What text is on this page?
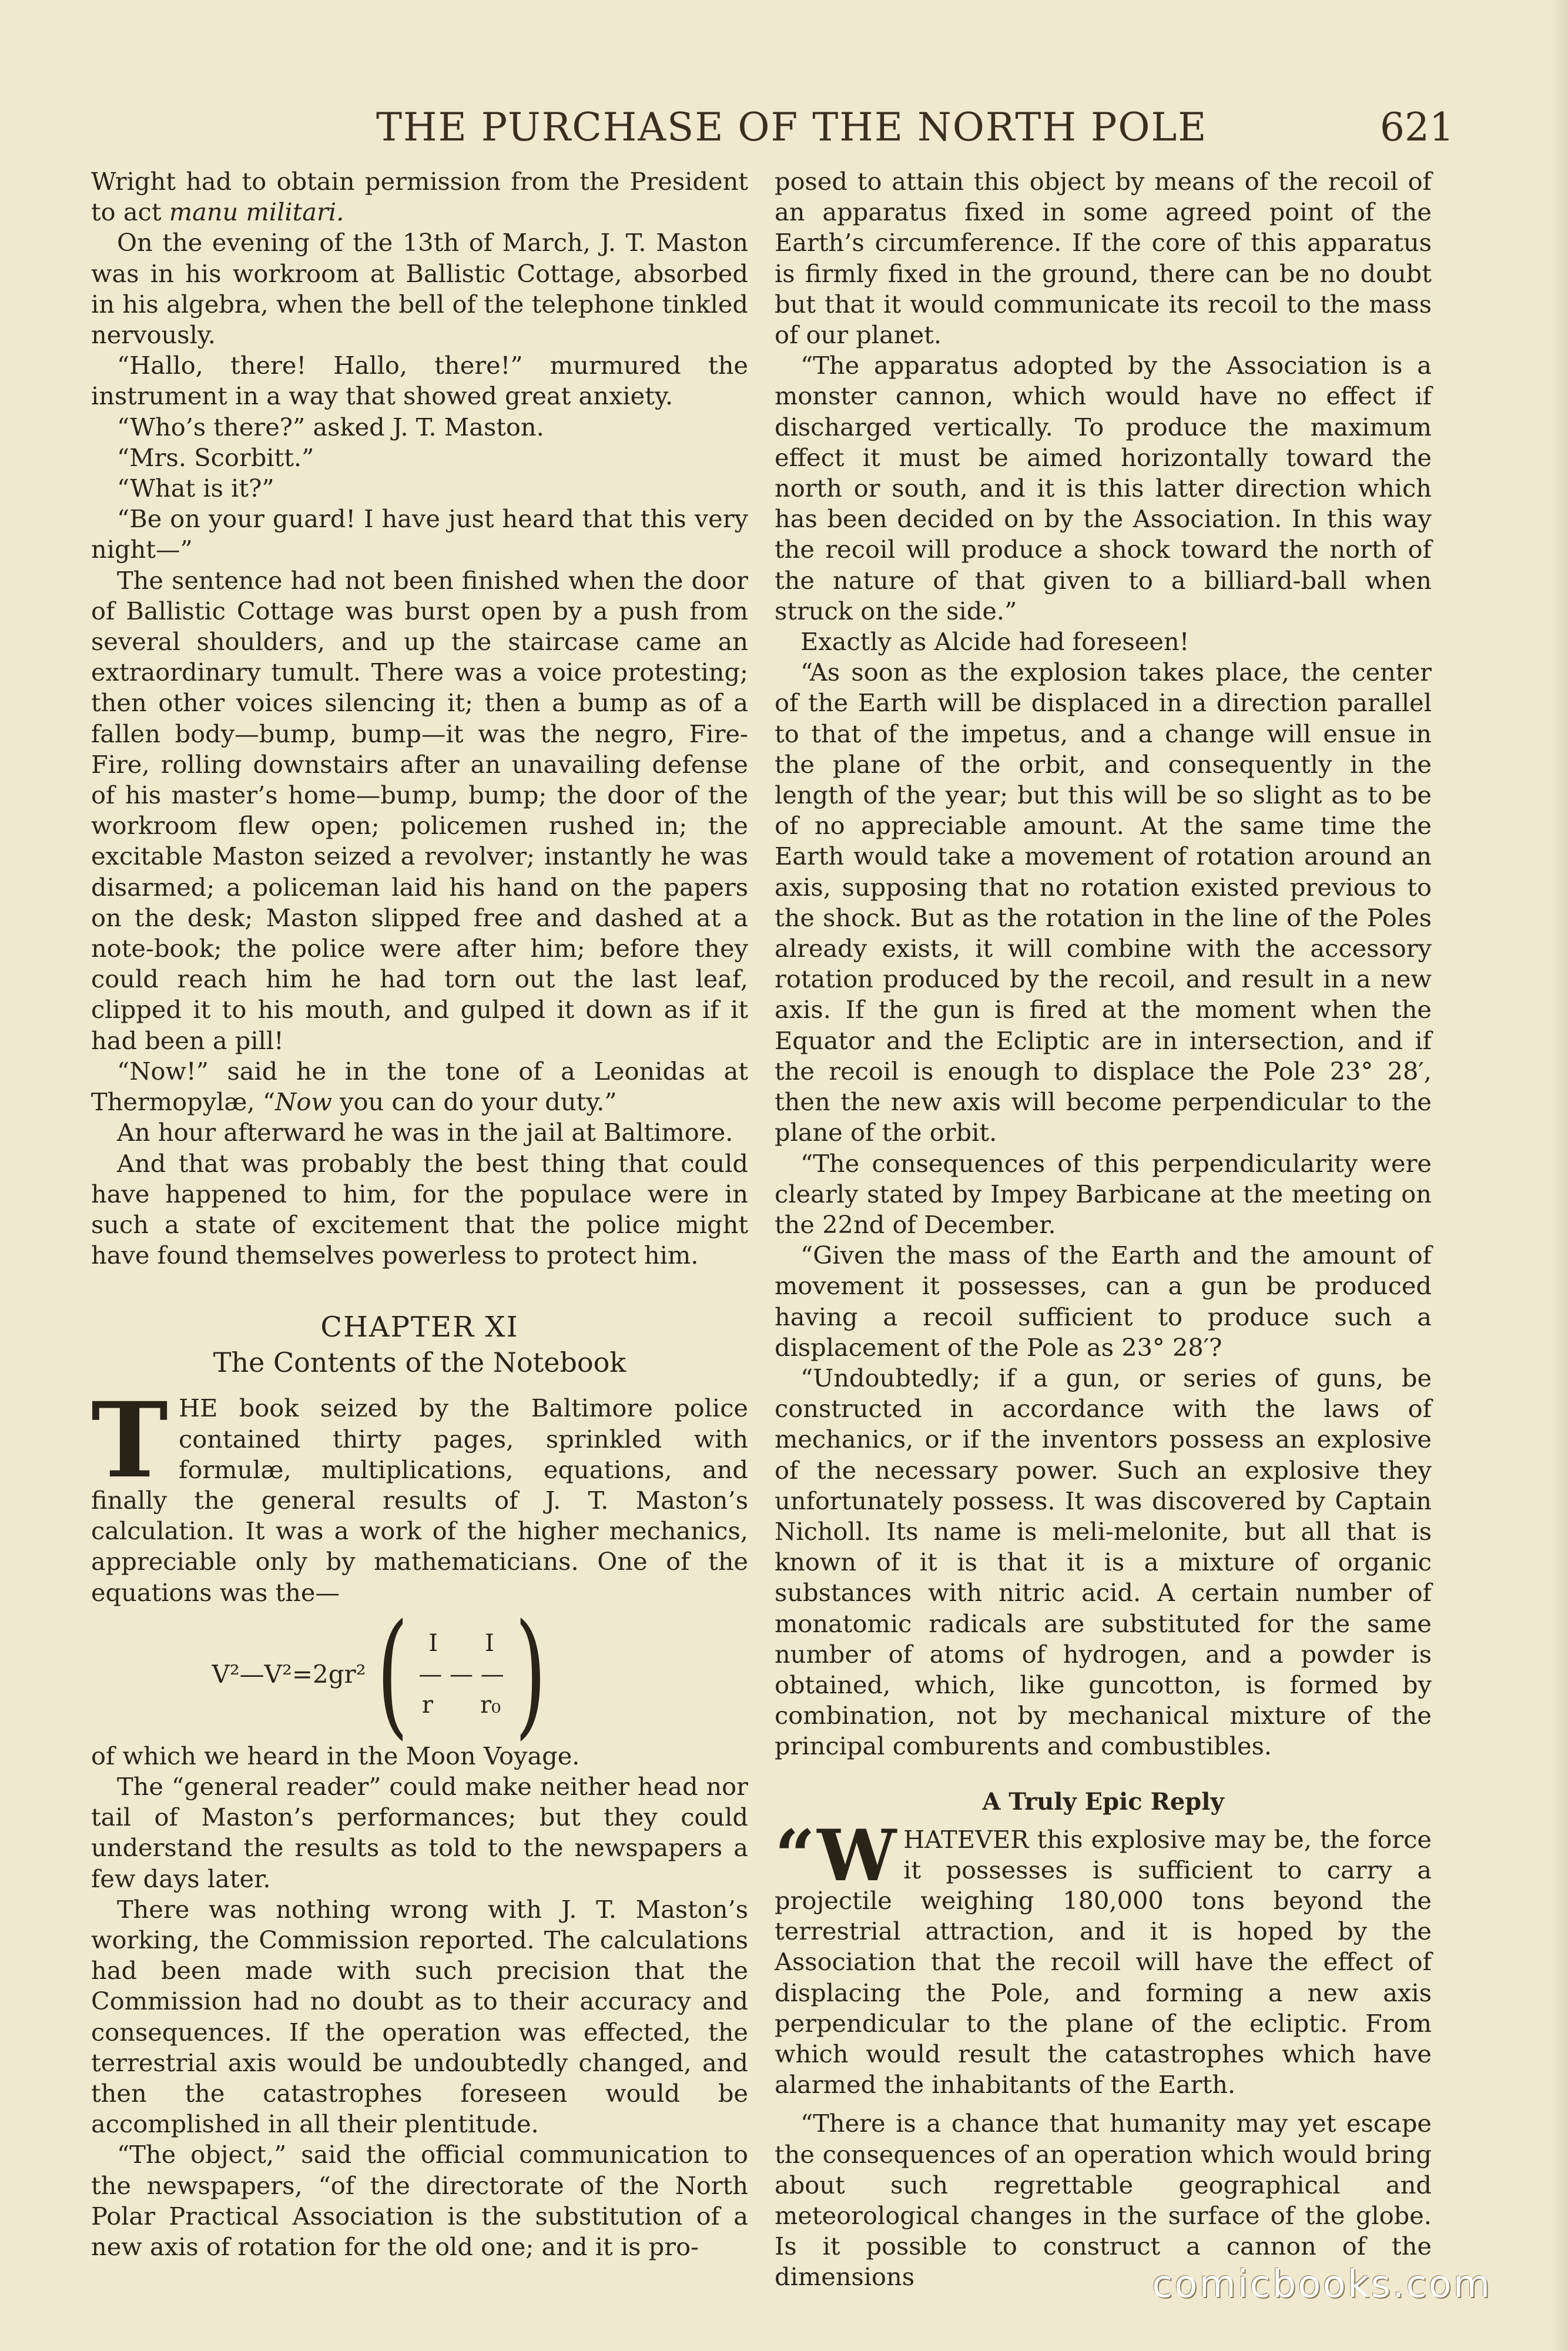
THE PURCHASE OF THE NORTH POLE	621

Wright had to obtain permission from the President to act manu militari.

On the evening of the 13th of March, J. T. Maston was in his workroom at Ballistic Cottage, absorbed in his algebra, when the bell of the telephone tinkled nervously.

“Hallo, there! Hallo, there!” murmured the instrument in a way that showed great anxiety.

“Who’s there?” asked J. T. Maston.

“Mrs. Scorbitt.”

“What is it?”

“Be on your guard! I have just heard that this very night—”

The sentence had not been finished when the door of Ballistic Cottage was burst open by a push from several shoulders, and up the staircase came an extraordinary tumult. There was a voice protesting; then other voices silencing it; then a bump as of a fallen body—bump, bump—it was the negro, Fire-Fire, rolling downstairs after an unavailing defense of his master’s home—bump, bump; the door of the workroom flew open; policemen rushed in; the excitable Maston seized a revolver; instantly he was disarmed; a policeman laid his hand on the papers on the desk; Maston slipped free and dashed at a note-book; the police were after him; before they could reach him he had torn out the last leaf, clipped it to his mouth, and gulped it down as if it had been a pill!

“Now!” said he in the tone of a Leonidas at Thermopylæ, “Now you can do your duty.”

An hour afterward he was in the jail at Baltimore.

And that was probably the best thing that could have happened to him, for the populace were in such a state of excitement that the police might have found themselves powerless to protect him.

CHAPTER XI
The Contents of the Notebook

THE book seized by the Baltimore police contained thirty pages, sprinkled with formulæ, multiplications, equations, and finally the general results of J. T. Maston’s calculation. It was a work of the higher mechanics, appreciable only by mathematicians. One of the equations was the—

V²—V²=2gr² ( I I
— — —
r r₀ )

of which we heard in the Moon Voyage.

The “general reader” could make neither head nor tail of Maston’s performances; but they could understand the results as told to the newspapers a few days later.

There was nothing wrong with J. T. Maston’s working, the Commission reported. The calculations had been made with such precision that the Commission had no doubt as to their accuracy and consequences. If the operation was effected, the terrestrial axis would be undoubtedly changed, and then the catastrophes foreseen would be accomplished in all their plentitude.

“The object,” said the official communication to the newspapers, “of the directorate of the North Polar Practical Association is the substitution of a new axis of rotation for the old one; and it is pro-

posed to attain this object by means of the recoil of an apparatus fixed in some agreed point of the Earth’s circumference. If the core of this apparatus is firmly fixed in the ground, there can be no doubt but that it would communicate its recoil to the mass of our planet.

“The apparatus adopted by the Association is a monster cannon, which would have no effect if discharged vertically. To produce the maximum effect it must be aimed horizontally toward the north or south, and it is this latter direction which has been decided on by the Association. In this way the recoil will produce a shock toward the north of the nature of that given to a billiard-ball when struck on the side.”

Exactly as Alcide had foreseen!

“As soon as the explosion takes place, the center of the Earth will be displaced in a direction parallel to that of the impetus, and a change will ensue in the plane of the orbit, and consequently in the length of the year; but this will be so slight as to be of no appreciable amount. At the same time the Earth would take a movement of rotation around an axis, supposing that no rotation existed previous to the shock. But as the rotation in the line of the Poles already exists, it will combine with the accessory rotation produced by the recoil, and result in a new axis. If the gun is fired at the moment when the Equator and the Ecliptic are in intersection, and if the recoil is enough to displace the Pole 23° 28′, then the new axis will become perpendicular to the plane of the orbit.

“The consequences of this perpendicularity were clearly stated by Impey Barbicane at the meeting on the 22nd of December.

“Given the mass of the Earth and the amount of movement it possesses, can a gun be produced having a recoil sufficient to produce such a displacement of the Pole as 23° 28′?

“Undoubtedly; if a gun, or series of guns, be constructed in accordance with the laws of mechanics, or if the inventors possess an explosive of the necessary power. Such an explosive they unfortunately possess. It was discovered by Captain Nicholl. Its name is meli-melonite, but all that is known of it is that it is a mixture of organic substances with nitric acid. A certain number of monatomic radicals are substituted for the same number of atoms of hydrogen, and a powder is obtained, which, like guncotton, is formed by combination, not by mechanical mixture of the principal comburents and combustibles.

A Truly Epic Reply

“WHATEVER this explosive may be, the force it possesses is sufficient to carry a projectile weighing 180,000 tons beyond the terrestrial attraction, and it is hoped by the Association that the recoil will have the effect of displacing the Pole, and forming a new axis perpendicular to the plane of the ecliptic. From which would result the catastrophes which have alarmed the inhabitants of the Earth.

“There is a chance that humanity may yet escape the consequences of an operation which would bring about such regrettable geographical and meteorological changes in the surface of the globe. Is it possible to construct a cannon of the dimensions	comicbooks.com
